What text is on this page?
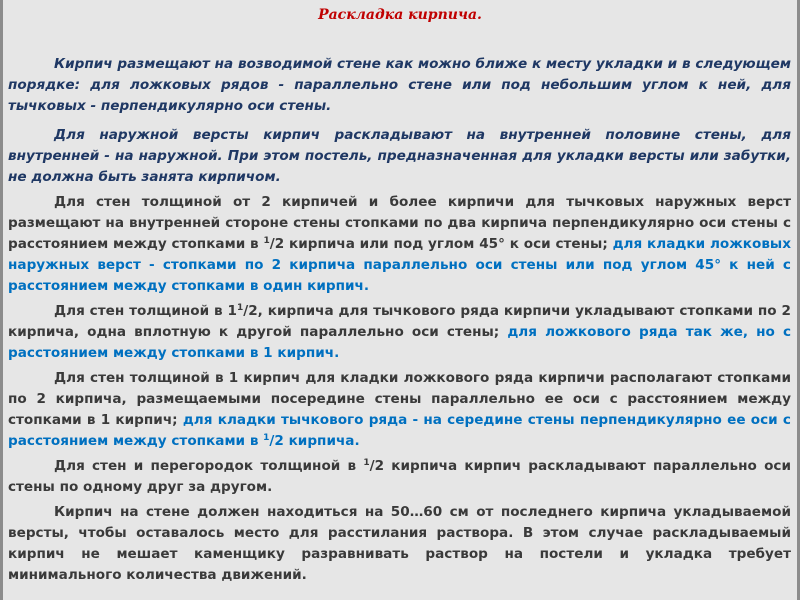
Раскладка кирпича.

Кирпич размещают на возводимой стене как можно ближе к месту укладки и в следующем порядке: для ложковых рядов - параллельно стене или под небольшим углом к ней, для тычковых - перпендикулярно оси стены.

Для наружной версты кирпич раскладывают на внутренней половине стены, для внутренней - на наружной. При этом постель, предназначенная для укладки версты или забутки, не должна быть занята кирпичом.

Для стен толщиной от 2 кирпичей и более кирпичи для тычковых наружных верст размещают на внутренней стороне стены стопками по два кирпича перпендикулярно оси стены с расстоянием между стопками в $^1$/2 кирпича или под углом 45° к оси стены; для кладки ложковых наружных верст - стопками по 2 кирпича параллельно оси стены или под углом 45° к ней с расстоянием между стопками в один кирпич.

Для стен толщиной в $1^1/2$, кирпича для тычкового ряда кирпичи укладывают стопками по 2 кирпича, одна вплотную к другой параллельно оси стены; для ложкового ряда так же, но с расстоянием между стопками в 1 кирпич.

Для стен толщиной в 1 кирпич для кладки ложкового ряда кирпичи располагают стопками по 2 кирпича, размещаемыми посередине стены параллельно ее оси с расстоянием между стопками в 1 кирпич; для кладки тычкового ряда - на середине стены перпендикулярно ее оси с расстоянием между стопками в $^1$/2 кирпича.

Для стен и перегородок толщиной в $^1$/2 кирпича кирпич раскладывают параллельно оси стены по одному друг за другом.

Кирпич на стене должен находиться на 50…60 см от последнего кирпича укладываемой версты, чтобы оставалось место для расстилания раствора. В этом случае раскладываемый кирпич не мешает каменщику разравнивать раствор на постели и укладка требует минимального количества движений.
